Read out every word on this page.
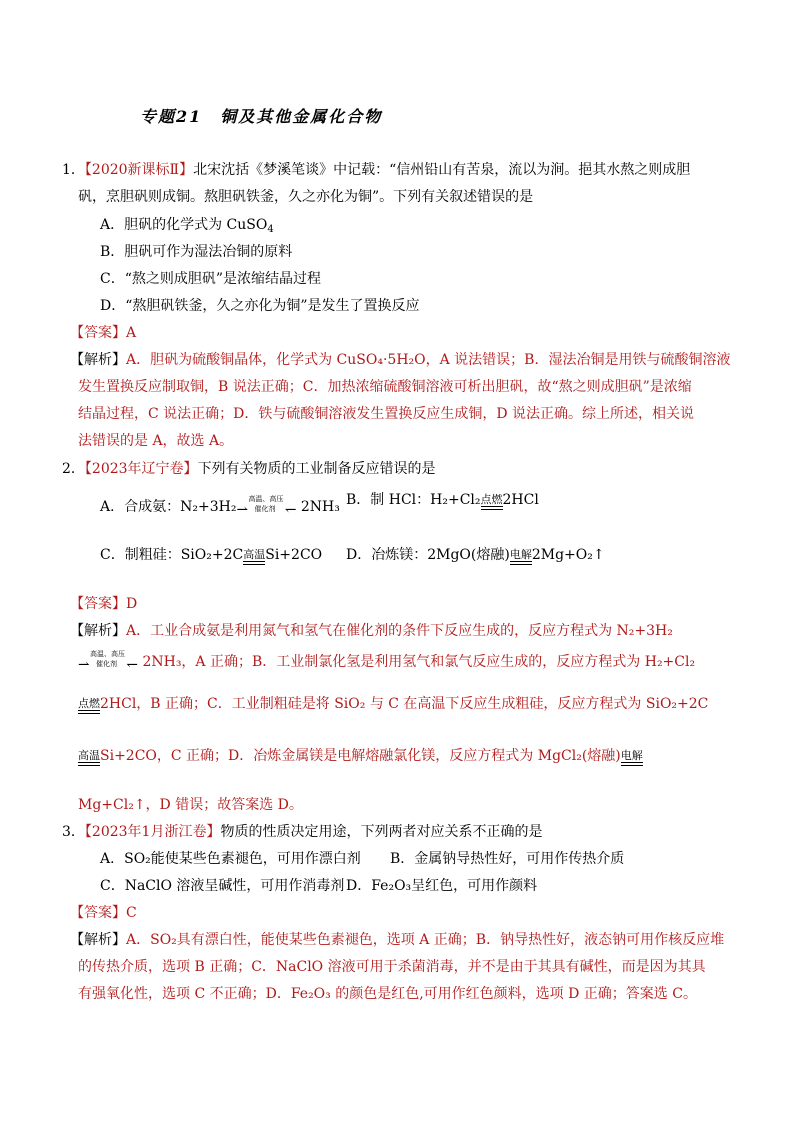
专题21　铜及其他金属化合物
1．【2020新课标Ⅱ】北宋沈括《梦溪笔谈》中记载：“信州铅山有苦泉，流以为涧。挹其水熬之则成胆
矾，烹胆矾则成铜。熬胆矾铁釜，久之亦化为铜”。下列有关叙述错误的是
A．胆矾的化学式为 CuSO$_4$
B．胆矾可作为湿法冶铜的原料
C．“熬之则成胆矾”是浓缩结晶过程
D．“熬胆矾铁釜，久之亦化为铜”是发生了置换反应
【答案】A
【解析】A．胆矾为硫酸铜晶体，化学式为 CuSO₄·5H₂O，A 说法错误；B．湿法冶铜是用铁与硫酸铜溶液
发生置换反应制取铜，B 说法正确；C．加热浓缩硫酸铜溶液可析出胆矾，故“熬之则成胆矾”是浓缩
结晶过程，C 说法正确；D．铁与硫酸铜溶液发生置换反应生成铜，D 说法正确。综上所述，相关说
法错误的是 A，故选 A。
2．【2023年辽宁卷】下列有关物质的工业制备反应错误的是
A．合成氨：N₂+3H₂ ⇀
高温、高压
催化剂 ↽ 2NH₃ B．制 HCl：H₂+Cl₂ 点燃 2HCl
C．制粗硅：SiO₂+2C 高温 Si+2CO D．冶炼镁：2MgO(熔融) 电解 2Mg+O₂↑
【答案】D
【解析】A．工业合成氨是利用氮气和氢气在催化剂的条件下反应生成的，反应方程式为 N₂+3H₂
⇀
高温、高压
催化剂 ↽ 2NH₃，A 正确；B．工业制氯化氢是利用氢气和氯气反应生成的，反应方程式为 H₂+Cl₂
点燃 2HCl，B 正确；C．工业制粗硅是将 SiO₂ 与 C 在高温下反应生成粗硅，反应方程式为 SiO₂+2C
高温 Si+2CO，C 正确；D．冶炼金属镁是电解熔融氯化镁，反应方程式为 MgCl₂(熔融) 电解
Mg+Cl₂↑，D 错误；故答案选 D。
3．【2023年1月浙江卷】物质的性质决定用途，下列两者对应关系不正确的是
A．SO₂能使某些色素褪色，可用作漂白剂 B．金属钠导热性好，可用作传热介质
C．NaClO 溶液呈碱性，可用作消毒剂 D．Fe₂O₃呈红色，可用作颜料
【答案】C
【解析】A．SO₂具有漂白性，能使某些色素褪色，选项 A 正确；B．钠导热性好，液态钠可用作核反应堆
的传热介质，选项 B 正确；C．NaClO 溶液可用于杀菌消毒，并不是由于其具有碱性，而是因为其具
有强氧化性，选项 C 不正确；D．Fe₂O₃ 的颜色是红色,可用作红色颜料，选项 D 正确；答案选 C。
